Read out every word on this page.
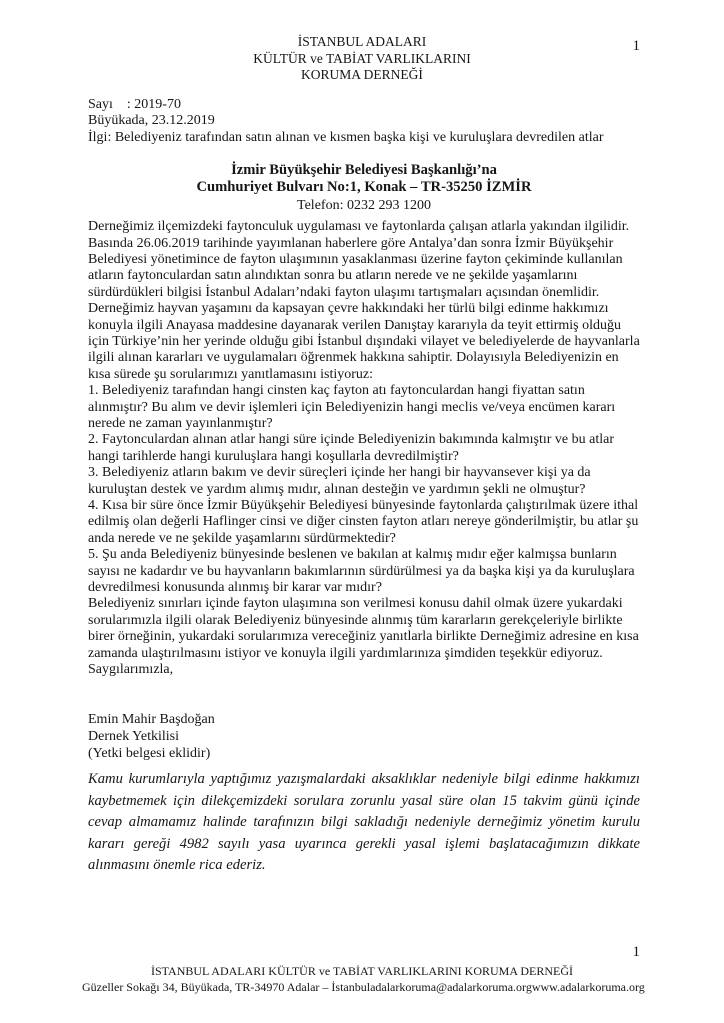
1
İSTANBUL ADALARI
KÜLTÜR ve TABİAT VARLIKLARINI
KORUMA DERNEĞİ

Sayı    : 2019-70

Büyükada, 23.12.2019

İlgi: Belediyeniz tarafından satın alınan ve kısmen başka kişi ve kuruluşlara devredilen atlar

İzmir Büyükşehir Belediyesi Başkanlığı’na

Cumhuriyet Bulvarı No:1, Konak – TR-35250 İZMİR

Telefon: 0232 293 1200

Derneğimiz ilçemizdeki faytonculuk uygulaması ve faytonlarda çalışan atlarla yakından ilgilidir. Basında 26.06.2019 tarihinde yayımlanan haberlere göre Antalya’dan sonra İzmir Büyükşehir Belediyesi yönetimince de fayton ulaşımının yasaklanması üzerine fayton çekiminde kullanılan atların faytonculardan satın alındıktan sonra bu atların nerede ve ne şekilde yaşamlarını sürdürdükleri bilgisi İstanbul Adaları’ndaki fayton ulaşımı tartışmaları açısından önemlidir. Derneğimiz hayvan yaşamını da kapsayan çevre hakkındaki her türlü bilgi edinme hakkımızı konuyla ilgili Anayasa maddesine dayanarak verilen Danıştay kararıyla da teyit ettirmiş olduğu için Türkiye’nin her yerinde olduğu gibi İstanbul dışındaki vilayet ve belediyelerde de hayvanlarla ilgili alınan kararları ve uygulamaları öğrenmek hakkına sahiptir. Dolayısıyla Belediyenizin en kısa sürede şu sorularımızı yanıtlamasını istiyoruz:

1. Belediyeniz tarafından hangi cinsten kaç fayton atı faytonculardan hangi fiyattan satın alınmıştır? Bu alım ve devir işlemleri için Belediyenizin hangi meclis ve/veya encümen kararı nerede ne zaman yayınlanmıştır?

2. Faytonculardan alınan atlar hangi süre içinde Belediyenizin bakımında kalmıştır ve bu atlar hangi tarihlerde hangi kuruluşlara hangi koşullarla devredilmiştir?

3. Belediyeniz atların bakım ve devir süreçleri içinde her hangi bir hayvansever kişi ya da kuruluştan destek ve yardım alımış mıdır, alınan desteğin ve yardımın şekli ne olmuştur?

4. Kısa bir süre önce İzmir Büyükşehir Belediyesi bünyesinde faytonlarda çalıştırılmak üzere ithal edilmiş olan değerli Haflinger cinsi ve diğer cinsten fayton atları nereye gönderilmiştir, bu atlar şu anda nerede ve ne şekilde yaşamlarını sürdürmektedir?

5. Şu anda Belediyeniz bünyesinde beslenen ve bakılan at kalmış mıdır eğer kalmışsa bunların sayısı ne kadardır ve bu hayvanların bakımlarının sürdürülmesi ya da başka kişi ya da kuruluşlara devredilmesi konusunda alınmış bir karar var mıdır?

Belediyeniz sınırları içinde fayton ulaşımına son verilmesi konusu dahil olmak üzere yukardaki sorularımızla ilgili olarak Belediyeniz bünyesinde alınmış tüm kararların gerekçeleriyle birlikte birer örneğinin, yukardaki sorularımıza vereceğiniz yanıtlarla birlikte Derneğimiz adresine en kısa zamanda ulaştırılmasını istiyor ve konuyla ilgili yardımlarınıza şimdiden teşekkür ediyoruz.

Saygılarımızla,

Emin Mahir Başdoğan

Dernek Yetkilisi

(Yetki belgesi eklidir)

Kamu kurumlarıyla yaptığımız yazışmalardaki aksaklıklar nedeniyle bilgi edinme hakkımızı kaybetmemek için dilekçemizdeki sorulara zorunlu yasal süre olan 15 takvim günü içinde cevap almamamız halinde tarafınızın bilgi sakladığı nedeniyle derneğimiz yönetim kurulu kararı gereği 4982 sayılı yasa uyarınca gerekli yasal işlemi başlatacağımızın dikkate alınmasını önemle rica ederiz.
1

İSTANBUL ADALARI KÜLTÜR ve TABİAT VARLIKLARINI KORUMA DERNEĞİ

Güzeller Sokağı 34, Büyükada, TR-34970 Adalar – İstanbul adalarkoruma@adalarkoruma.org www.adalarkoruma.org
